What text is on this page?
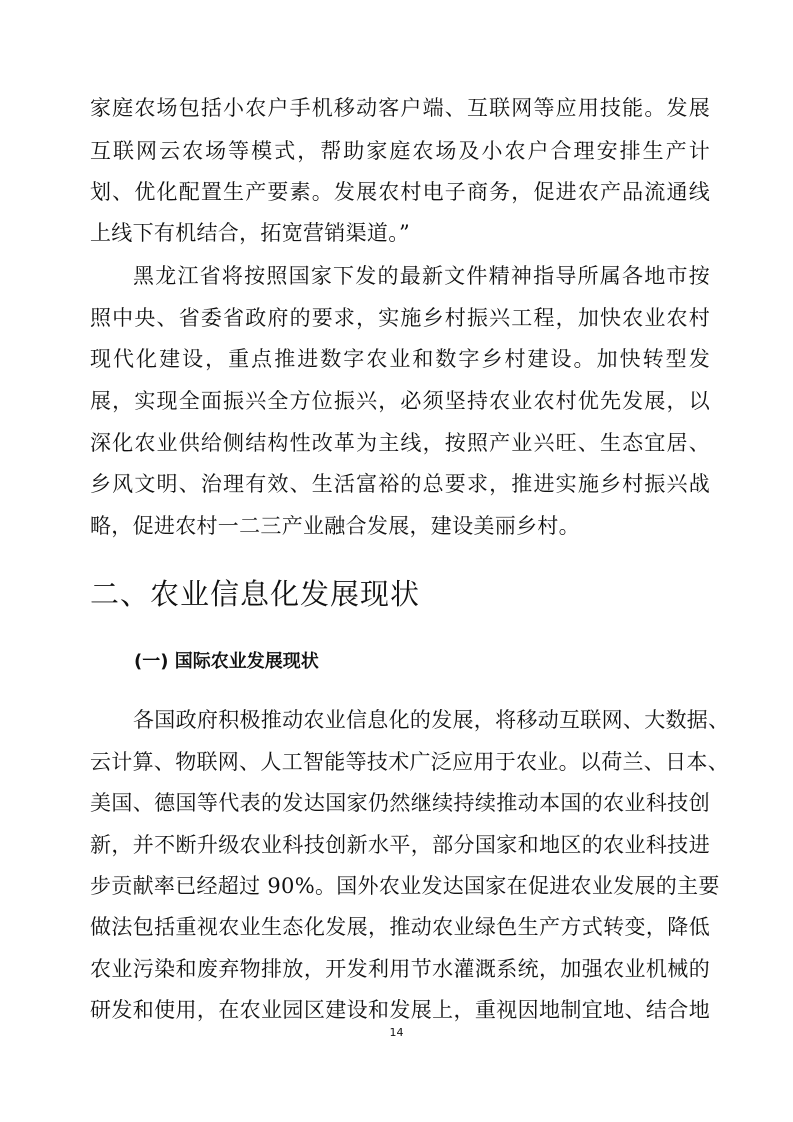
家庭农场包括小农户手机移动客户端、互联网等应用技能。发展
互联网云农场等模式，帮助家庭农场及小农户合理安排生产计
划、优化配置生产要素。发展农村电子商务，促进农产品流通线
上线下有机结合，拓宽营销渠道。”
黑龙江省将按照国家下发的最新文件精神指导所属各地市按
照中央、省委省政府的要求，实施乡村振兴工程，加快农业农村
现代化建设，重点推进数字农业和数字乡村建设。加快转型发
展，实现全面振兴全方位振兴，必须坚持农业农村优先发展，以
深化农业供给侧结构性改革为主线，按照产业兴旺、生态宜居、
乡风文明、治理有效、生活富裕的总要求，推进实施乡村振兴战
略，促进农村一二三产业融合发展，建设美丽乡村。
二、农业信息化发展现状
(一) 国际农业发展现状
各国政府积极推动农业信息化的发展，将移动互联网、大数据、
云计算、物联网、人工智能等技术广泛应用于农业。以荷兰、日本、
美国、德国等代表的发达国家仍然继续持续推动本国的农业科技创
新，并不断升级农业科技创新水平，部分国家和地区的农业科技进
步贡献率已经超过 90%。国外农业发达国家在促进农业发展的主要
做法包括重视农业生态化发展，推动农业绿色生产方式转变，降低
农业污染和废弃物排放，开发利用节水灌溉系统，加强农业机械的
研发和使用，在农业园区建设和发展上，重视因地制宜地、结合地
14
